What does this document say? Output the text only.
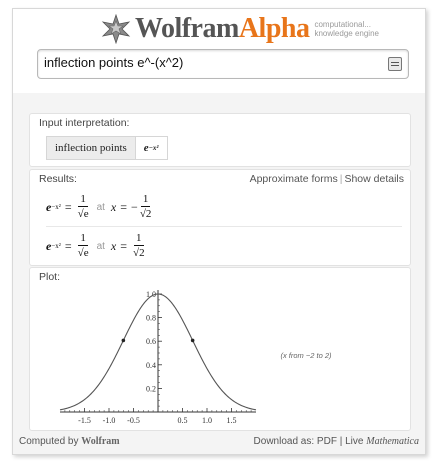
WolframAlpha computational...
knowledge engine
inflection points e^-(x^2)
Input interpretation:
inflection points	e −x²
Results:	Approximate forms | Show details
$e -x^2 = \frac{1}{√e}$ at x = − $\frac{1}{√2}$
$e -x^2 = \frac{1}{√e}$ at $x = \frac{1}{√2}$
Plot:
-1.5 -1.0 -0.5	0.5 1.0 1.5
0.2
0.4
0.6
0.8
1.0
(x from −2 to 2)
Computed by Wolfram	Download as: PDF | Live Mathematica
